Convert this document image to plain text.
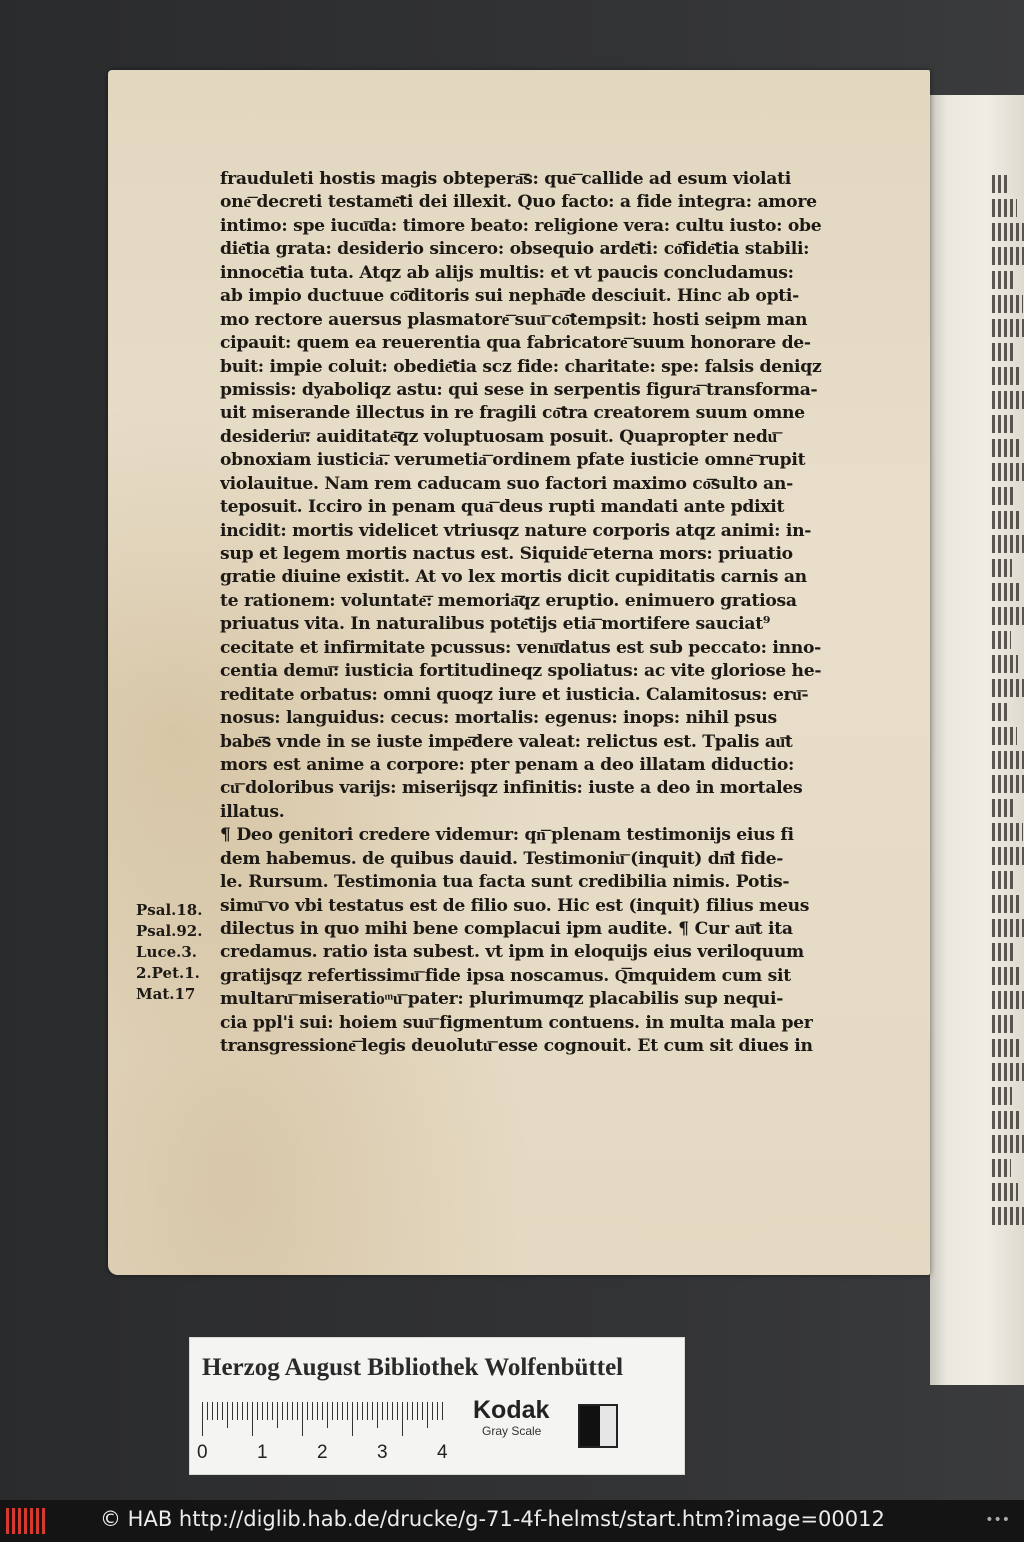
frauduleti hostis magis obtepera͞s: que͞ callide ad esum violati
one͞ decreti testame͞ti dei illexit. Quo facto: a fide integra: amore
intimo: spe iucu͞da: timore beato: religione vera: cultu iusto: obe
die͞tia grata: desiderio sincero: obsequio arde͞ti: co͞fide͞tia stabili:
innoce͞tia tuta. Atqz ab alijs multis: et vt paucis concludamus:
ab impio ductuue co͞ditoris sui nepha͞de desciuit. Hinc ab opti-
mo rectore auersus plasmatore͞ suu͞ co͞tempsit: hosti seipm man
cipauit: quem ea reuerentia qua fabricatore͞ suum honorare de-
buit: impie coluit: obedie͞tia scz fide: charitate: spe: falsis deniqz
pmissis: dyaboliqz astu: qui sese in serpentis figura͞ transforma-
uit miserande illectus in re fragili co͞tra creatorem suum omne
desideriu͞: auiditate͞qz voluptuosam posuit. Quapropter nedu͞
obnoxiam iusticia͞. verumetia͞ ordinem pfate iusticie omne͞ rupit
violauitue. Nam rem caducam suo factori maximo co͞sulto an-
teposuit. Icciro in penam qua͞ deus rupti mandati ante pdixit
incidit: mortis videlicet vtriusqz nature corporis atqz animi: in-
sup et legem mortis nactus est. Siquide͞ eterna mors: priuatio
gratie diuine existit. At vo lex mortis dicit cupiditatis carnis an
te rationem: voluntate͞: memoria͞qz eruptio. enimuero gratiosa
priuatus vita. In naturalibus pote͞tijs etia͞ mortifere sauciat⁹
cecitate et infirmitate pcussus: venu͞datus est sub peccato: inno-
centia demu͞: iusticia fortitudineqz spoliatus: ac vite gloriose he-
reditate orbatus: omni quoqz iure et iusticia. Calamitosus: eru͞-
nosus: languidus: cecus: mortalis: egenus: inops: nihil psus
babe͞s vnde in se iuste impe͞dere valeat: relictus est. Tpalis au͞t
mors est anime a corpore: pter penam a deo illatam diductio:
cu͞ doloribus varijs: miserijsqz infinitis: iuste a deo in mortales
illatus.
¶ Deo genitori credere videmur: qn͞ plenam testimonijs eius fi
dem habemus. de quibus dauid. Testimoniu͞ (inquit) dn͞i fide-
le. Rursum. Testimonia tua facta sunt credibilia nimis. Potis-
simu͞ vo vbi testatus est de filio suo. Hic est (inquit) filius meus
dilectus in quo mihi bene complacui ipm audite. ¶ Cur au͞t ita
credamus. ratio ista subest. vt ipm in eloquijs eius veriloquum
gratijsqz refertissimu͞ fide ipsa noscamus. Q͞mquidem cum sit
multaru͞ miseratioͫu͞ pater: plurimumqz placabilis sup nequi-
cia ppl'i sui: hoiem suu͞ figmentum contuens. in multa mala per
transgressione͞ legis deuolutu͞ esse cognouit. Et cum sit diues in
Psal.18.
Psal.92.
Luce.3.
2.Pet.1.
Mat.17
Herzog August Bibliothek Wolfenbüttel
0	1	2	3	4
Kodak
Gray Scale
© HAB http://diglib.hab.de/drucke/g-71-4f-helmst/start.htm?image=00012	•••
